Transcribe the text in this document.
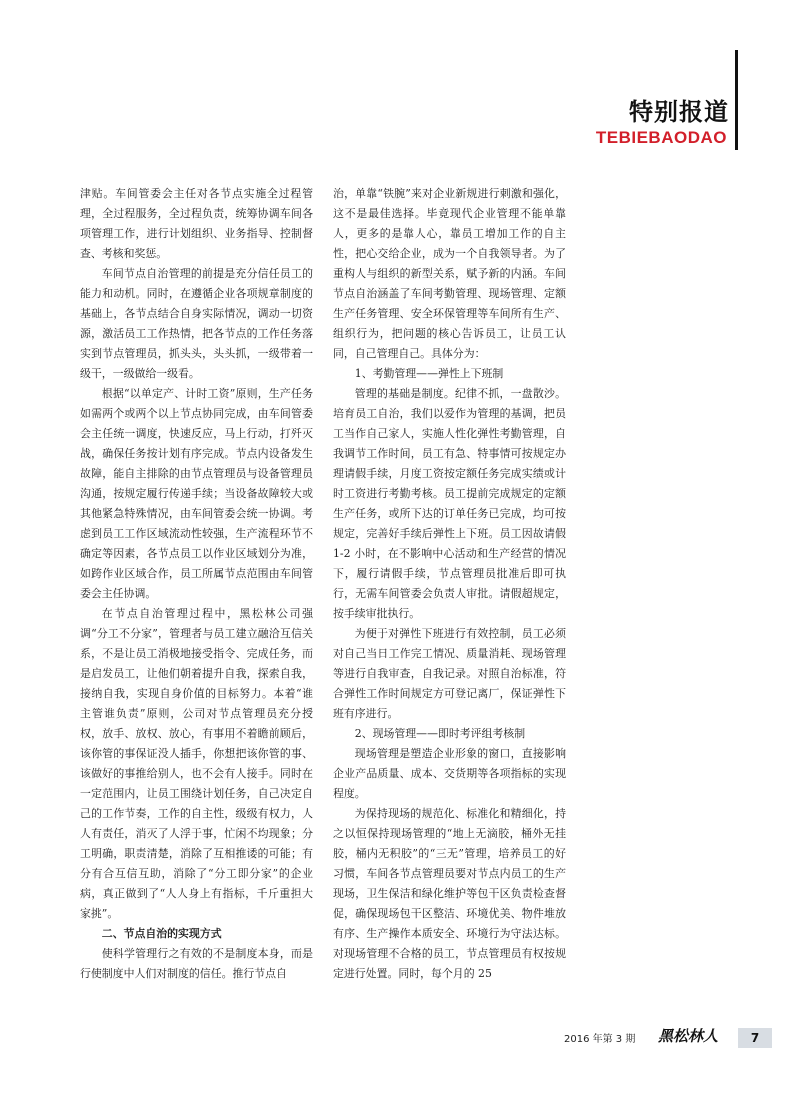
特别报道
TEBIEBAODAO

津贴。车间管委会主任对各节点实施全过程管理，全过程服务，全过程负责，统筹协调车间各项管理工作，进行计划组织、业务指导、控制督查、考核和奖惩。

车间节点自治管理的前提是充分信任员工的能力和动机。同时，在遵循企业各项规章制度的基础上，各节点结合自身实际情况，调动一切资源，激活员工工作热情，把各节点的工作任务落实到节点管理员，抓头头，头头抓，一级带着一级干，一级做给一级看。

根据“以单定产、计时工资”原则，生产任务如需两个或两个以上节点协同完成，由车间管委会主任统一调度，快速反应，马上行动，打歼灭战，确保任务按计划有序完成。节点内设备发生故障，能自主排除的由节点管理员与设备管理员沟通，按规定履行传递手续；当设备故障较大或其他紧急特殊情况，由车间管委会统一协调。考虑到员工工作区域流动性较强，生产流程环节不确定等因素，各节点员工以作业区域划分为准，如跨作业区域合作，员工所属节点范围由车间管委会主任协调。

在节点自治管理过程中，黑松林公司强调“分工不分家”，管理者与员工建立融洽互信关系，不是让员工消极地接受指令、完成任务，而是启发员工，让他们朝着提升自我，探索自我，接纳自我，实现自身价值的目标努力。本着“谁主管谁负责”原则，公司对节点管理员充分授权，放手、放权、放心，有事用不着瞻前顾后，该你管的事保证没人插手，你想把该你管的事、该做好的事推给别人，也不会有人接手。同时在一定范围内，让员工围绕计划任务，自己决定自己的工作节奏，工作的自主性，级级有权力，人人有责任，消灭了人浮于事，忙闲不均现象；分工明确，职责清楚，消除了互相推诿的可能；有分有合互信互助，消除了“分工即分家”的企业病，真正做到了“人人身上有指标，千斤重担大家挑”。

二、节点自治的实现方式

使科学管理行之有效的不是制度本身，而是行使制度中人们对制度的信任。推行节点自

治，单靠“铁腕”来对企业新规进行刺激和强化，这不是最佳选择。毕竟现代企业管理不能单靠人，更多的是靠人心，靠员工增加工作的自主性，把心交给企业，成为一个自我领导者。为了重构人与组织的新型关系，赋予新的内涵。车间节点自治涵盖了车间考勤管理、现场管理、定额生产任务管理、安全环保管理等车间所有生产、组织行为，把问题的核心告诉员工，让员工认同，自己管理自己。具体分为：

1、考勤管理——弹性上下班制

管理的基础是制度。纪律不抓，一盘散沙。培育员工自治，我们以爱作为管理的基调，把员工当作自己家人，实施人性化弹性考勤管理，自我调节工作时间，员工有急、特事情可按规定办理请假手续，月度工资按定额任务完成实绩或计时工资进行考勤考核。员工提前完成规定的定额生产任务，或所下达的订单任务已完成，均可按规定，完善好手续后弹性上下班。员工因故请假 1-2 小时，在不影响中心活动和生产经营的情况下，履行请假手续，节点管理员批准后即可执行，无需车间管委会负责人审批。请假超规定，按手续审批执行。

为便于对弹性下班进行有效控制，员工必须对自己当日工作完工情况、质量消耗、现场管理等进行自我审查，自我记录。对照自治标准，符合弹性工作时间规定方可登记离厂，保证弹性下班有序进行。

2、现场管理——即时考评组考核制

现场管理是塑造企业形象的窗口，直接影响企业产品质量、成本、交货期等各项指标的实现程度。

为保持现场的规范化、标准化和精细化，持之以恒保持现场管理的“地上无滴胶，桶外无挂胶，桶内无积胶”的“三无”管理，培养员工的好习惯，车间各节点管理员要对节点内员工的生产现场，卫生保洁和绿化维护等包干区负责检查督促，确保现场包干区整洁、环境优美、物件堆放有序、生产操作本质安全、环境行为守法达标。对现场管理不合格的员工，节点管理员有权按规定进行处置。同时，每个月的 25

2016 年第 3 期 黑松林人	7
